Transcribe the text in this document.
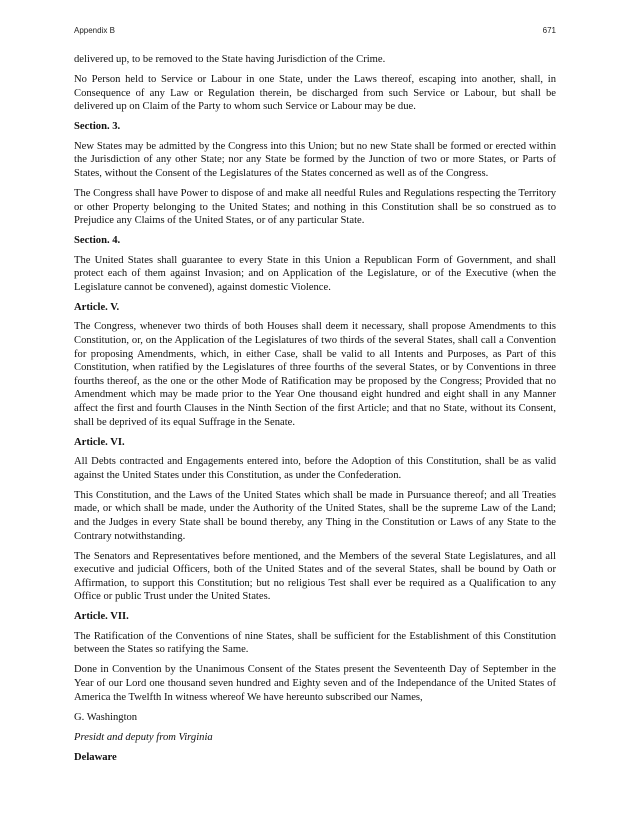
Appendix B	671

delivered up, to be removed to the State having Jurisdiction of the Crime.

No Person held to Service or Labour in one State, under the Laws thereof, escaping into another, shall, in Consequence of any Law or Regulation therein, be discharged from such Service or Labour, but shall be delivered up on Claim of the Party to whom such Service or Labour may be due.

Section. 3.

New States may be admitted by the Congress into this Union; but no new State shall be formed or erected within the Jurisdiction of any other State; nor any State be formed by the Junction of two or more States, or Parts of States, without the Consent of the Legislatures of the States concerned as well as of the Congress.

The Congress shall have Power to dispose of and make all needful Rules and Regulations respecting the Territory or other Property belonging to the United States; and nothing in this Constitution shall be so construed as to Prejudice any Claims of the United States, or of any particular State.

Section. 4.

The United States shall guarantee to every State in this Union a Republican Form of Government, and shall protect each of them against Invasion; and on Application of the Legislature, or of the Executive (when the Legislature cannot be convened), against domestic Violence.

Article. V.

The Congress, whenever two thirds of both Houses shall deem it necessary, shall propose Amendments to this Constitution, or, on the Application of the Legislatures of two thirds of the several States, shall call a Convention for proposing Amendments, which, in either Case, shall be valid to all Intents and Purposes, as Part of this Constitution, when ratified by the Legislatures of three fourths of the several States, or by Conventions in three fourths thereof, as the one or the other Mode of Ratification may be proposed by the Congress; Provided that no Amendment which may be made prior to the Year One thousand eight hundred and eight shall in any Manner affect the first and fourth Clauses in the Ninth Section of the first Article; and that no State, without its Consent, shall be deprived of its equal Suffrage in the Senate.

Article. VI.

All Debts contracted and Engagements entered into, before the Adoption of this Constitution, shall be as valid against the United States under this Constitution, as under the Confederation.

This Constitution, and the Laws of the United States which shall be made in Pursuance thereof; and all Treaties made, or which shall be made, under the Authority of the United States, shall be the supreme Law of the Land; and the Judges in every State shall be bound thereby, any Thing in the Constitution or Laws of any State to the Contrary notwithstanding.

The Senators and Representatives before mentioned, and the Members of the several State Legislatures, and all executive and judicial Officers, both of the United States and of the several States, shall be bound by Oath or Affirmation, to support this Constitution; but no religious Test shall ever be required as a Qualification to any Office or public Trust under the United States.

Article. VII.

The Ratification of the Conventions of nine States, shall be sufficient for the Establishment of this Constitution between the States so ratifying the Same.

Done in Convention by the Unanimous Consent of the States present the Seventeenth Day of September in the Year of our Lord one thousand seven hundred and Eighty seven and of the Independance of the United States of America the Twelfth In witness whereof We have hereunto subscribed our Names,

G. Washington

Presidt and deputy from Virginia

Delaware
